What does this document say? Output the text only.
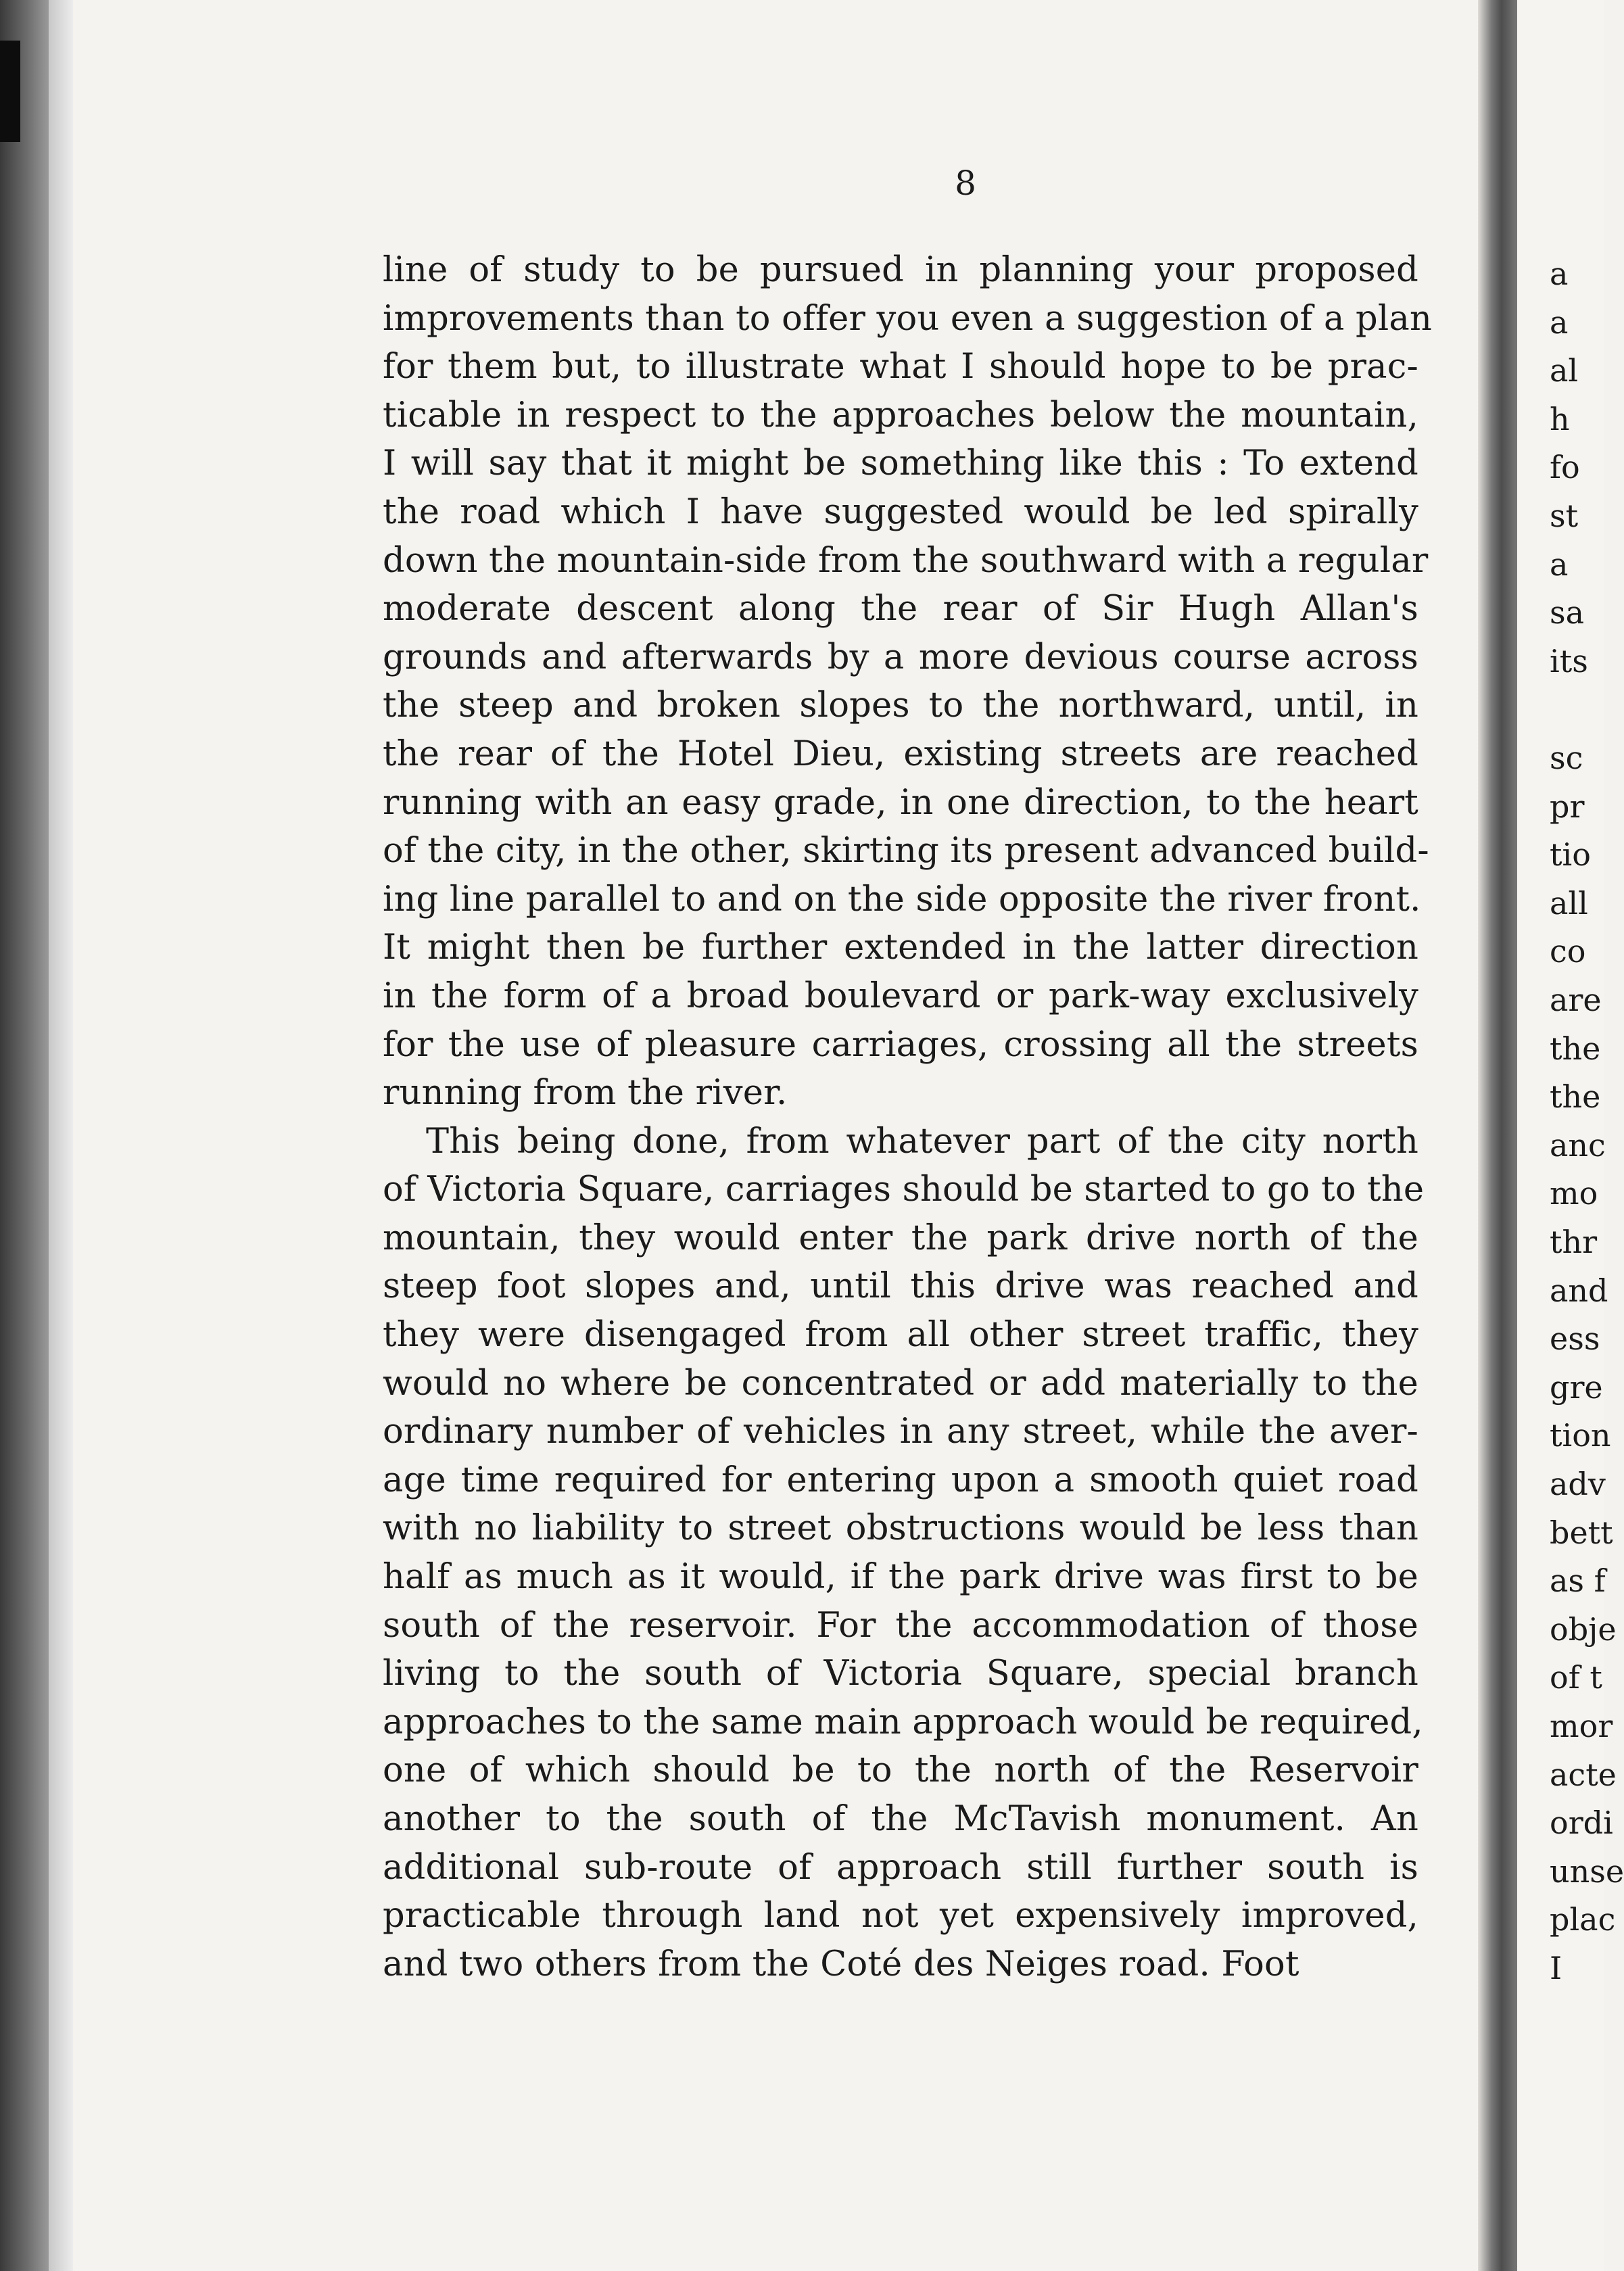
8
line of study to be pursued in planning your proposed
improvements than to offer you even a suggestion of a plan
for them but, to illustrate what I should hope to be prac-
ticable in respect to the approaches below the mountain,
I will say that it might be something like this : To extend
the road which I have suggested would be led spirally
down the mountain-side from the southward with a regular
moderate descent along the rear of Sir Hugh Allan's
grounds and afterwards by a more devious course across
the steep and broken slopes to the northward, until, in
the rear of the Hotel Dieu, existing streets are reached
running with an easy grade, in one direction, to the heart
of the city, in the other, skirting its present advanced build-
ing line parallel to and on the side opposite the river front.
It might then be further extended in the latter direction
in the form of a broad boulevard or park-way exclusively
for the use of pleasure carriages, crossing all the streets
running from the river.
This being done, from whatever part of the city north
of Victoria Square, carriages should be started to go to the
mountain, they would enter the park drive north of the
steep foot slopes and, until this drive was reached and
they were disengaged from all other street traffic, they
would no where be concentrated or add materially to the
ordinary number of vehicles in any street, while the aver-
age time required for entering upon a smooth quiet road
with no liability to street obstructions would be less than
half as much as it would, if the park drive was first to be
south of the reservoir. For the accommodation of those
living to the south of Victoria Square, special branch
approaches to the same main approach would be required,
one of which should be to the north of the Reservoir
another to the south of the McTavish monument. An
additional sub-route of approach still further south is
practicable through land not yet expensively improved,
and two others from the Coté des Neiges road. Foot
a
a
al
h
fo
st
a
sa
its
sc
pr
tio
all
co
are
the
the
anc
mo
thr
and
ess
gre
tion
adv
bett
as f
obje
of t
mor
acte
ordi
unse
plac
I
